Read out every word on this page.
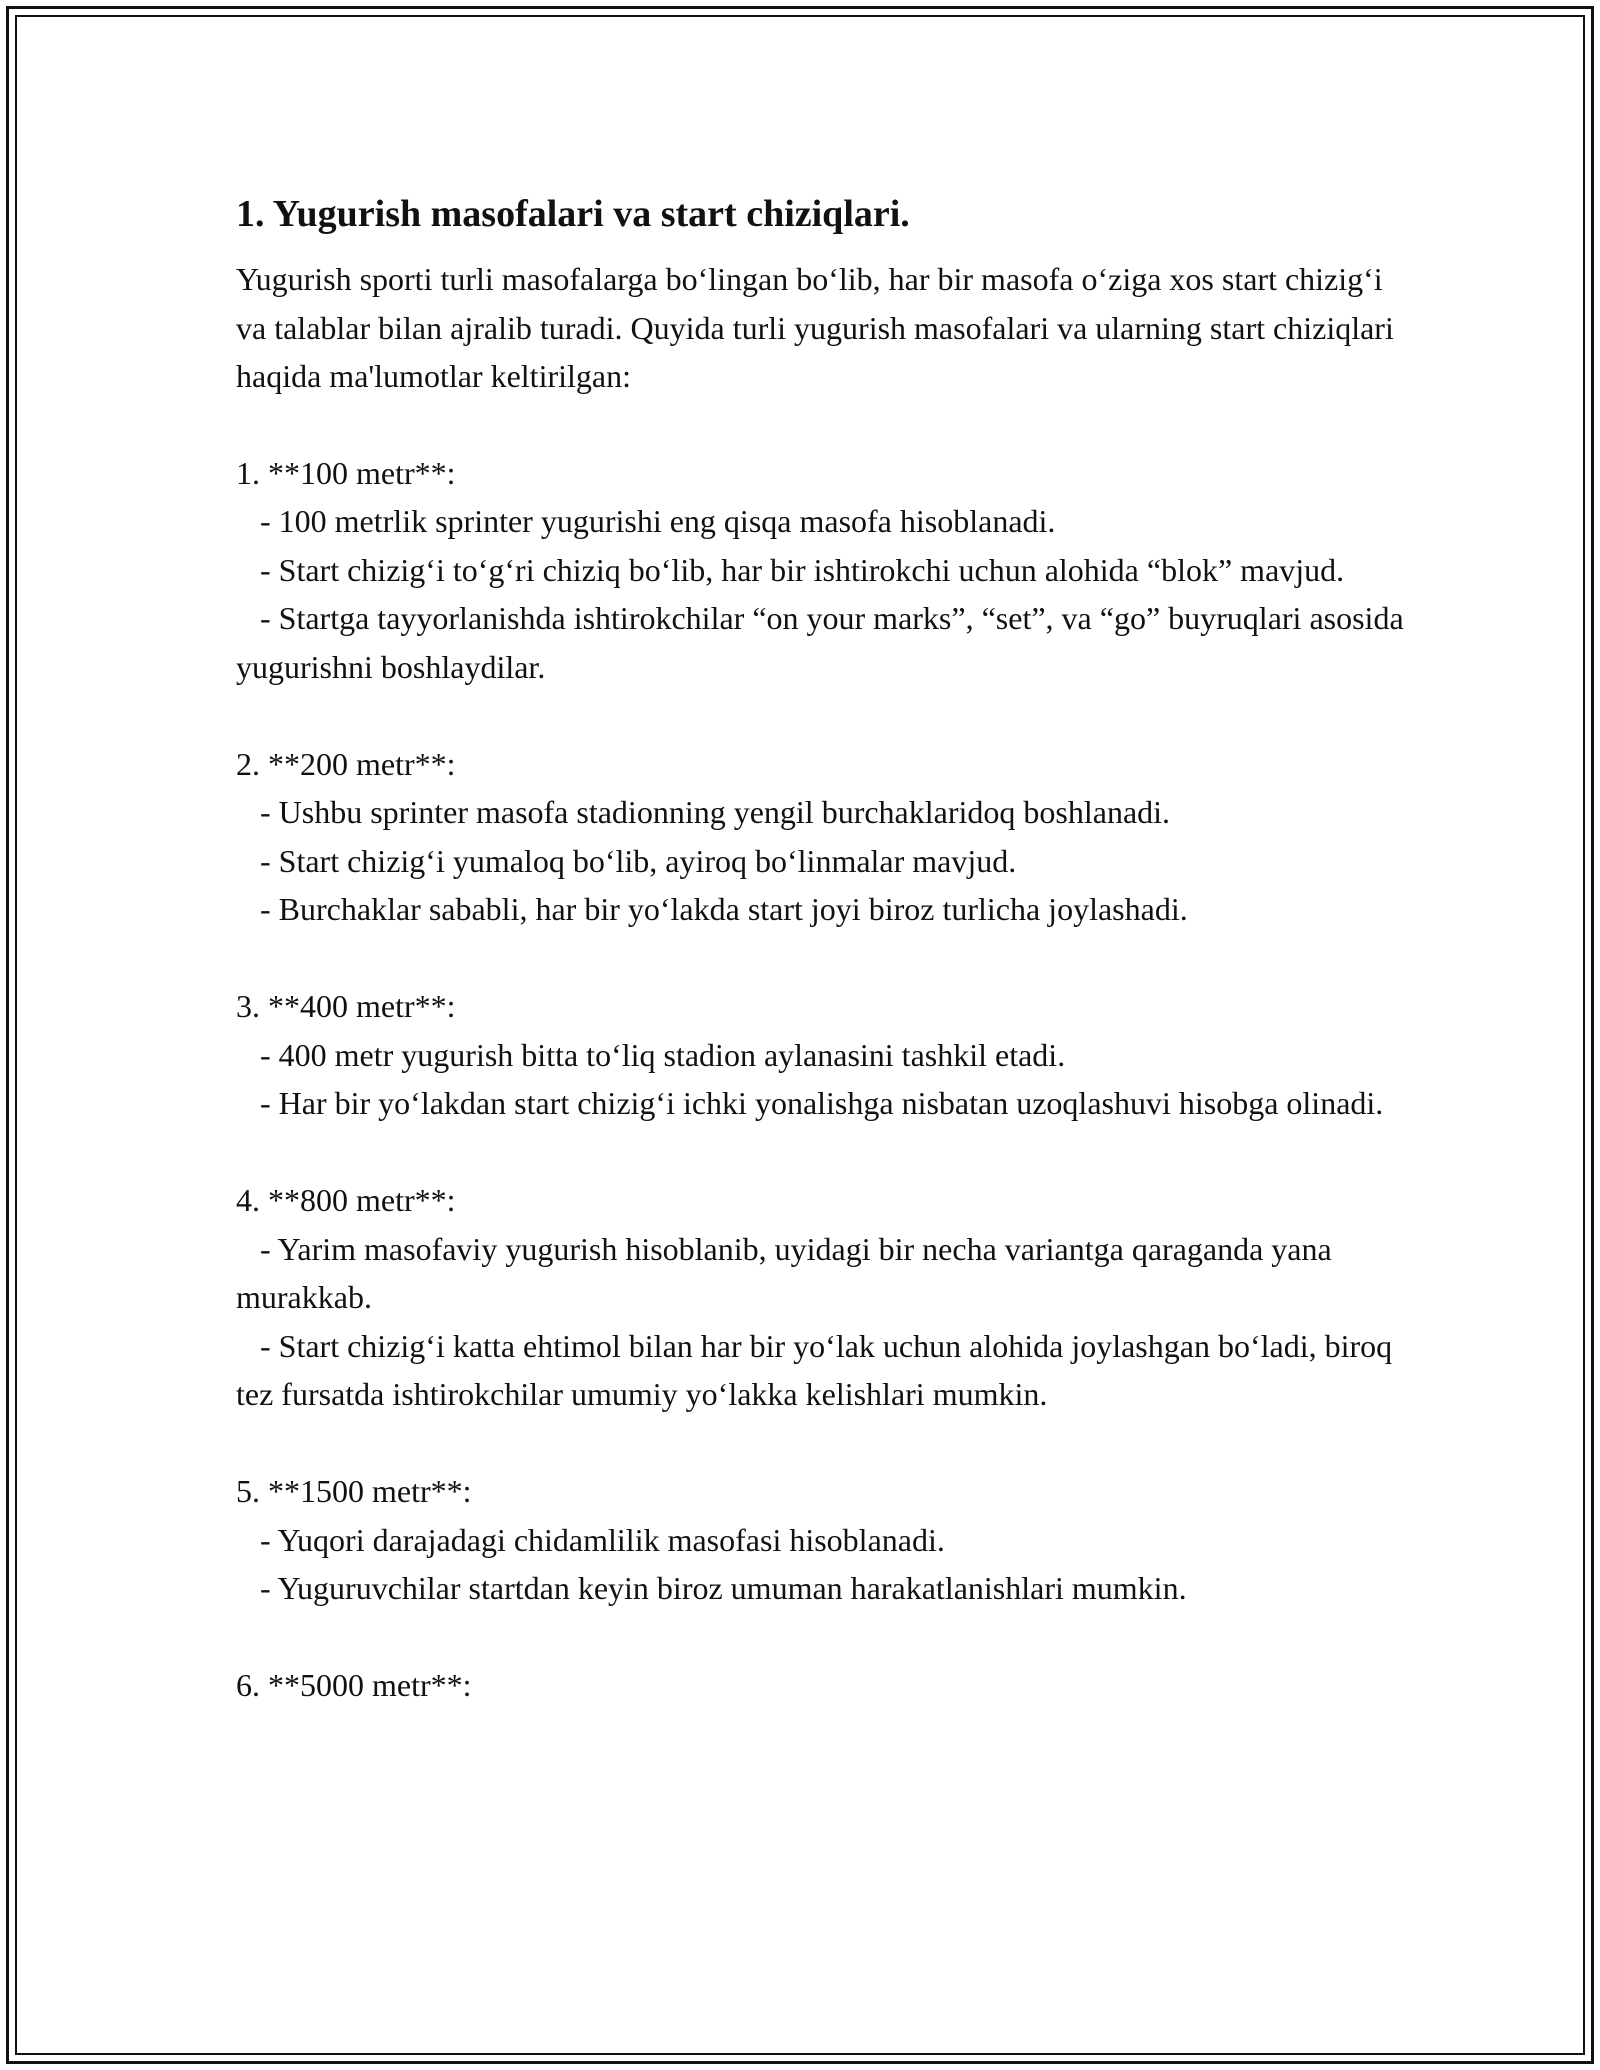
1. Yugurish masofalari va start chiziqlari.
Yugurish sporti turli masofalarga bo‘lingan bo‘lib, har bir masofa o‘ziga xos start chizig‘i va talablar bilan ajralib turadi. Quyida turli yugurish masofalari va ularning start chiziqlari haqida ma'lumotlar keltirilgan:
1. **100 metr**:
- 100 metrlik sprinter yugurishi eng qisqa masofa hisoblanadi.
- Start chizig‘i to‘g‘ri chiziq bo‘lib, har bir ishtirokchi uchun alohida “blok” mavjud.
- Startga tayyorlanishda ishtirokchilar “on your marks”, “set”, va “go” buyruqlari asosida yugurishni boshlaydilar.
2. **200 metr**:
- Ushbu sprinter masofa stadionning yengil burchaklaridoq boshlanadi.
- Start chizig‘i yumaloq bo‘lib, ayiroq bo‘linmalar mavjud.
- Burchaklar sababli, har bir yo‘lakda start joyi biroz turlicha joylashadi.
3. **400 metr**:
- 400 metr yugurish bitta to‘liq stadion aylanasini tashkil etadi.
- Har bir yo‘lakdan start chizig‘i ichki yonalishga nisbatan uzoqlashuvi hisobga olinadi.
4. **800 metr**:
- Yarim masofaviy yugurish hisoblanib, uyidagi bir necha variantga qaraganda yana murakkab.
- Start chizig‘i katta ehtimol bilan har bir yo‘lak uchun alohida joylashgan bo‘ladi, biroq tez fursatda ishtirokchilar umumiy yo‘lakka kelishlari mumkin.
5. **1500 metr**:
- Yuqori darajadagi chidamlilik masofasi hisoblanadi.
- Yuguruvchilar startdan keyin biroz umuman harakatlanishlari mumkin.
6. **5000 metr**:
